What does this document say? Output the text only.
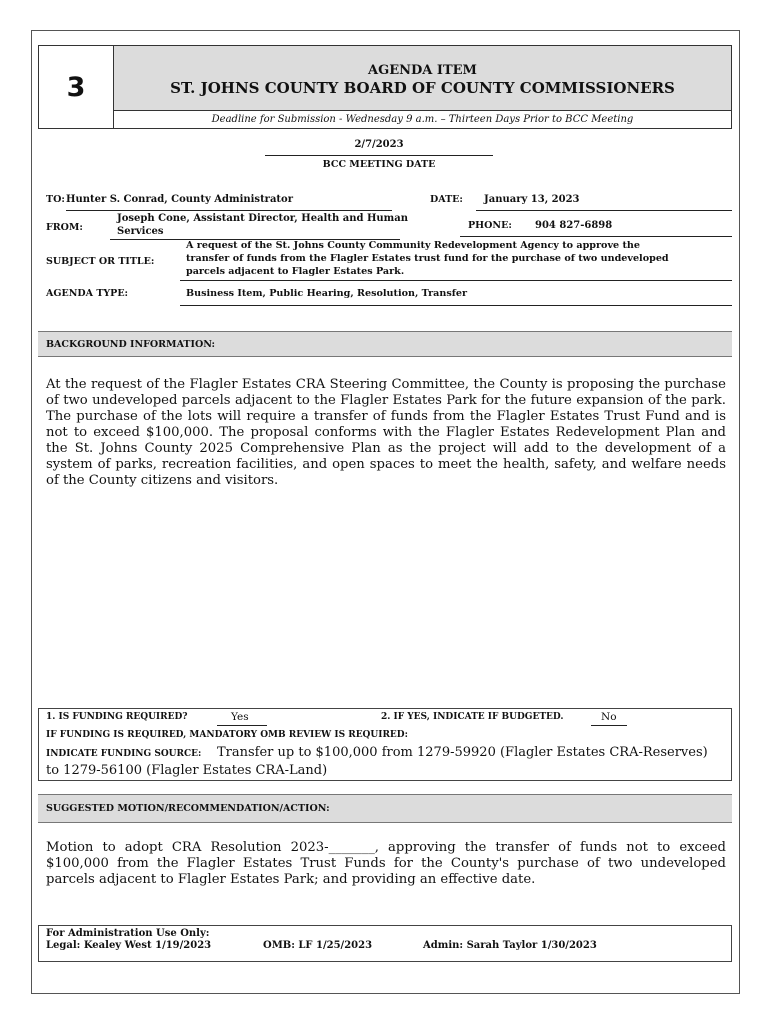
3
AGENDA ITEM
ST. JOHNS COUNTY BOARD OF COUNTY COMMISSIONERS
Deadline for Submission - Wednesday 9 a.m. – Thirteen Days Prior to BCC Meeting
2/7/2023
BCC MEETING DATE
TO: Hunter S. Conrad, County Administrator	DATE: January 13, 2023
FROM:
Joseph Cone, Assistant Director, Health and Human
Services
PHONE: 904 827-6898
SUBJECT OR TITLE:
A request of the St. Johns County Community Redevelopment Agency to approve the
transfer of funds from the Flagler Estates trust fund for the purchase of two undeveloped
parcels adjacent to Flagler Estates Park.
AGENDA TYPE:	Business Item, Public Hearing, Resolution, Transfer
BACKGROUND INFORMATION:
At the request of the Flagler Estates CRA Steering Committee, the County is proposing the purchase of two undeveloped parcels adjacent to the Flagler Estates Park for the future expansion of the park. The purchase of the lots will require a transfer of funds from the Flagler Estates Trust Fund and is not to exceed $100,000. The proposal conforms with the Flagler Estates Redevelopment Plan and the St. Johns County 2025 Comprehensive Plan as the project will add to the development of a system of parks, recreation facilities, and open spaces to meet the health, safety, and welfare needs of the County citizens and visitors.
1. IS FUNDING REQUIRED?	Yes	2. IF YES, INDICATE IF BUDGETED.	No
IF FUNDING IS REQUIRED, MANDATORY OMB REVIEW IS REQUIRED:
INDICATE FUNDING SOURCE: Transfer up to $100,000 from 1279-59920 (Flagler Estates CRA-Reserves)
to 1279-56100 (Flagler Estates CRA-Land)
SUGGESTED MOTION/RECOMMENDATION/ACTION:
Motion to adopt CRA Resolution 2023-_______, approving the transfer of funds not to exceed $100,000 from the Flagler Estates Trust Funds for the County's purchase of two undeveloped parcels adjacent to Flagler Estates Park; and providing an effective date.
For Administration Use Only:
Legal: Kealey West 1/19/2023	OMB: LF 1/25/2023	Admin: Sarah Taylor 1/30/2023
